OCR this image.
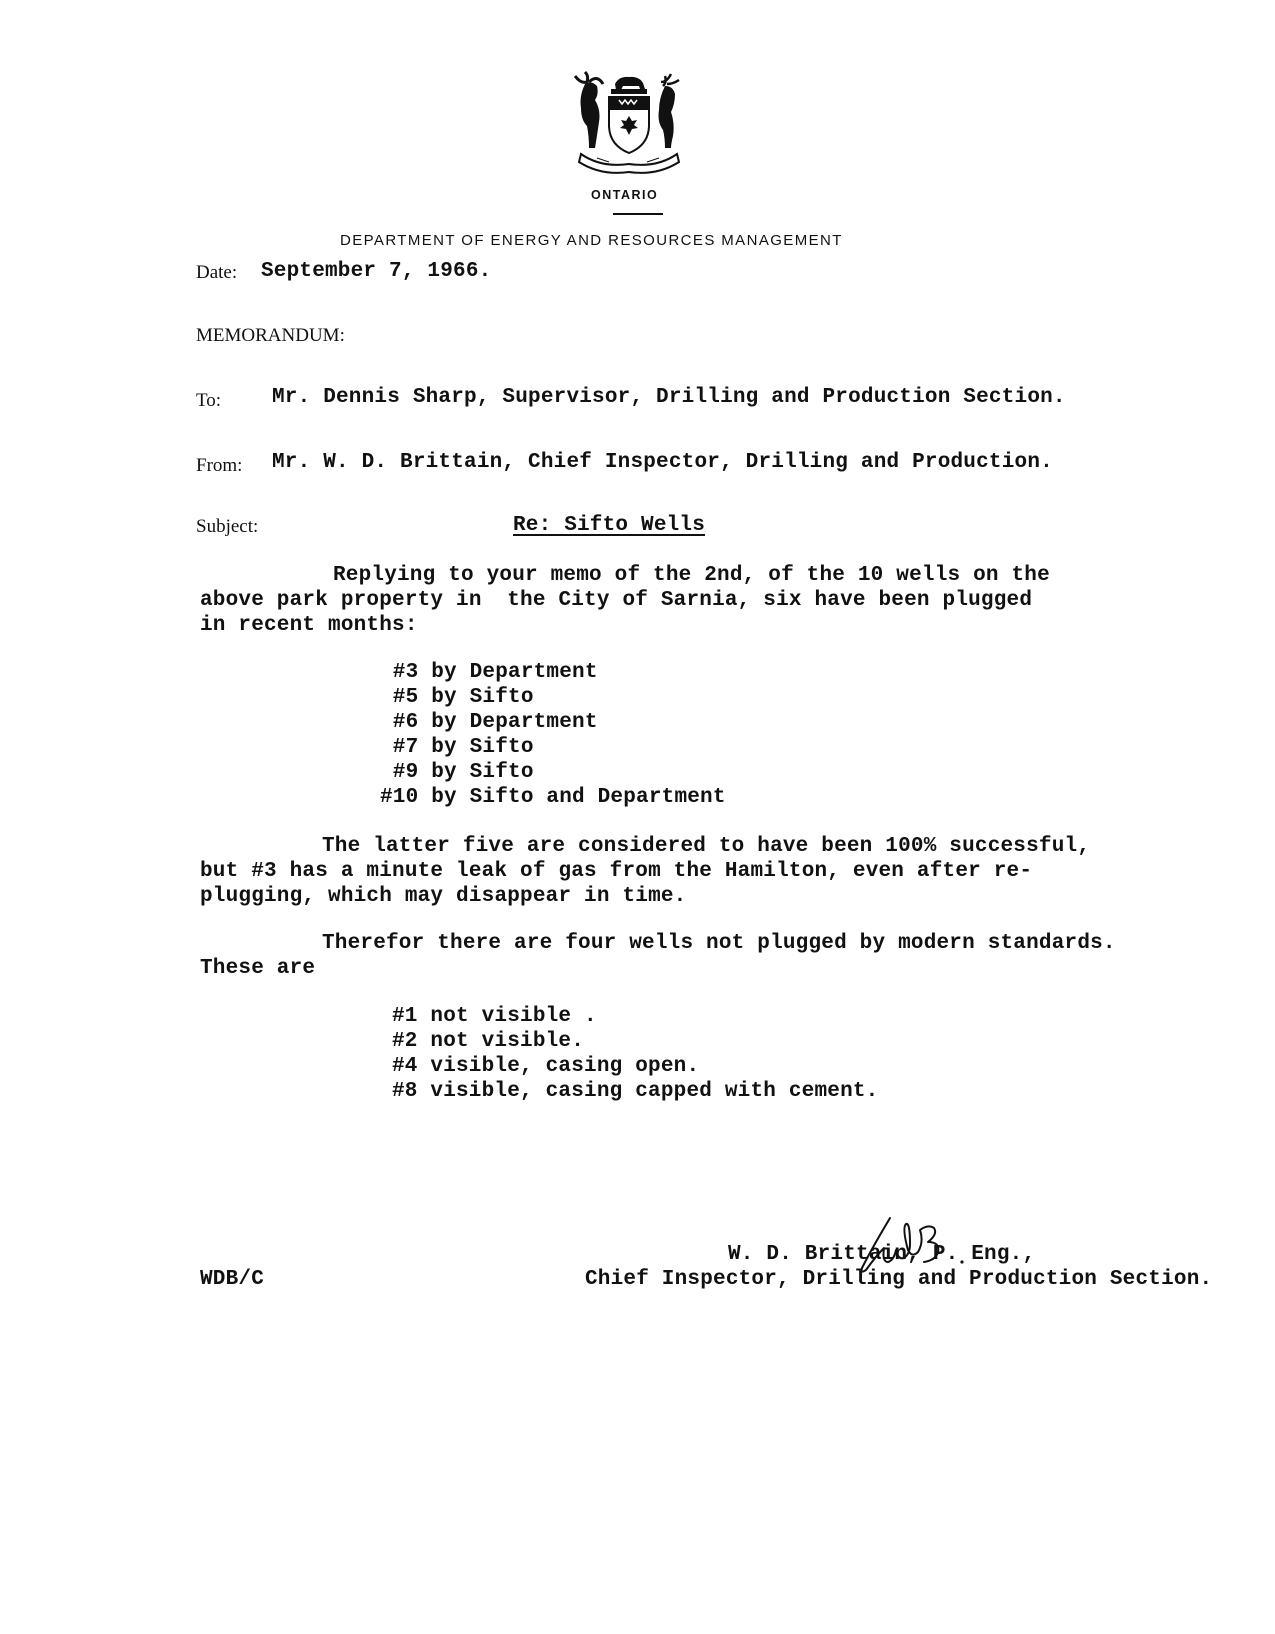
ONTARIO
DEPARTMENT OF ENERGY AND RESOURCES MANAGEMENT
Date: September 7, 1966.
MEMORANDUM:
To: Mr. Dennis Sharp, Supervisor, Drilling and Production Section.
From: Mr. W. D. Brittain, Chief Inspector, Drilling and Production.
Subject:	Re: Sifto Wells
Replying to your memo of the 2nd, of the 10 wells on the
above park property in  the City of Sarnia, six have been plugged
in recent months:
#3 by Department
#5 by Sifto
#6 by Department
#7 by Sifto
#9 by Sifto
#10 by Sifto and Department
The latter five are considered to have been 100% successful,
but #3 has a minute leak of gas from the Hamilton, even after re-
plugging, which may disappear in time.
Therefor there are four wells not plugged by modern standards.
These are
#1 not visible .
#2 not visible.
#4 visible, casing open.
#8 visible, casing capped with cement.
W. D. Brittain, P. Eng.,
Chief Inspector, Drilling and Production Section.
WDB/C
